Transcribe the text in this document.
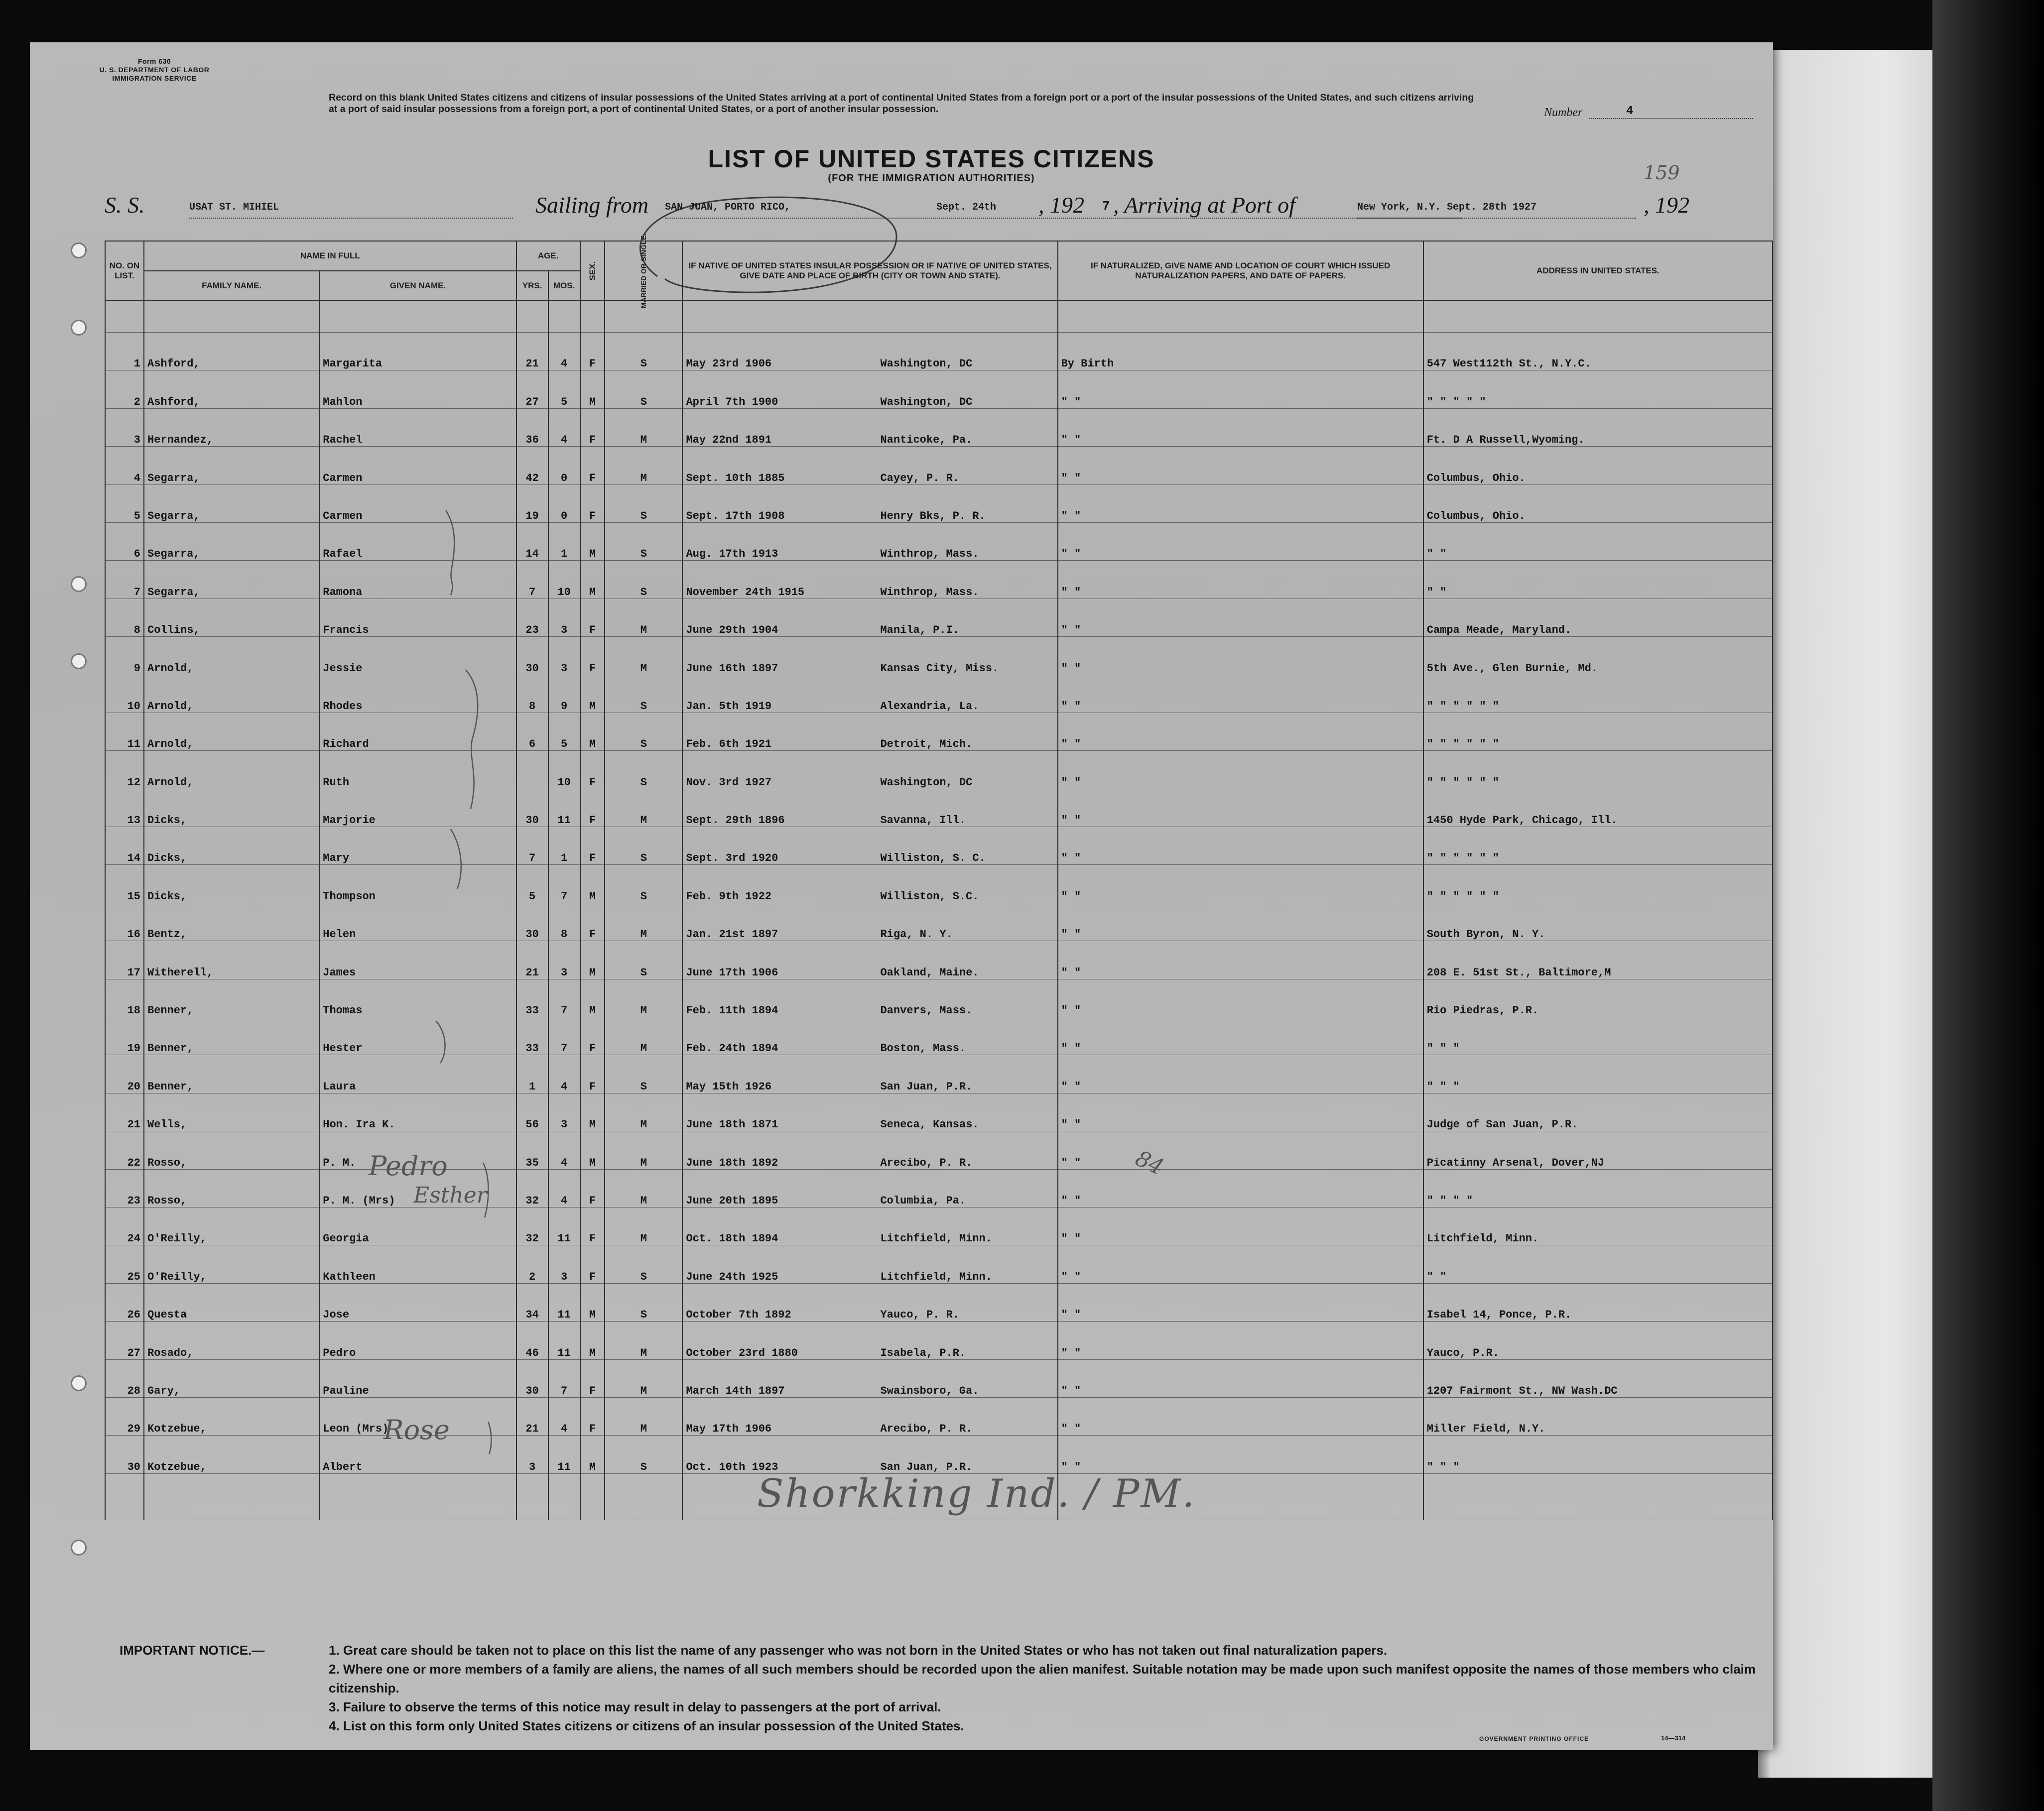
Form 630
U. S. DEPARTMENT OF LABOR
IMMIGRATION SERVICE
Record on this blank United States citizens and citizens of insular possessions of the United States arriving at a port of continental United States from a foreign port or a port of the insular possessions of the United States, and such citizens arriving at a port of said insular possessions from a foreign port, a port of continental United States, or a port of another insular possession.	Number	4
LIST OF UNITED STATES CITIZENS
(FOR THE IMMIGRATION AUTHORITIES)	159
S. S.	USAT ST. MIHIEL	Sailing from SAN JUAN, PORTO RICO,	Sept. 24th , 192 7 , Arriving at Port of	New York, N.Y. Sept. 28th 1927	, 192
NO. ON LIST.	NAME IN FULL		AGE.		SEX.	MARRIED OR SINGLE.	IF NATIVE OF UNITED STATES INSULAR POSSESSION OR IF NATIVE OF UNITED STATES, GIVE DATE AND PLACE OF BIRTH (CITY OR TOWN AND STATE).	IF NATURALIZED, GIVE NAME AND LOCATION OF COURT WHICH ISSUED NATURALIZATION PAPERS, AND DATE OF PAPERS.	ADDRESS IN UNITED STATES.
	FAMILY NAME.	GIVEN NAME.	YRS.	MOS.					

1	Ashford,	Margarita	21	4	F	S	May 23rd 1906 Washington, DC	By Birth	547 West112th St., N.Y.C.
2	Ashford,	Mahlon	27	5	M	S	April 7th 1900 Washington, DC	" "	" " " " "
3	Hernandez,	Rachel	36	4	F	M	May 22nd 1891 Nanticoke, Pa.	" "	Ft. D A Russell,Wyoming.
4	Segarra,	Carmen	42	0	F	M	Sept. 10th 1885 Cayey, P. R.	" "	Columbus, Ohio.
5	Segarra,	Carmen	19	0	F	S	Sept. 17th 1908 Henry Bks, P. R.	" "	Columbus, Ohio.
6	Segarra,	Rafael	14	1	M	S	Aug. 17th 1913 Winthrop, Mass.	" "	" "
7	Segarra,	Ramona	7	10	M	S	November 24th 1915 Winthrop, Mass.	" "	" "
8	Collins,	Francis	23	3	F	M	June 29th 1904 Manila, P.I.	" "	Campa Meade, Maryland.
9	Arnold,	Jessie	30	3	F	M	June 16th 1897 Kansas City, Miss.	" "	5th Ave., Glen Burnie, Md.
10	Arnold,	Rhodes	8	9	M	S	Jan. 5th 1919 Alexandria, La.	" "	" " " " " "
11	Arnold,	Richard	6	5	M	S	Feb. 6th 1921 Detroit, Mich.	" "	" " " " " "
12	Arnold,	Ruth		10	F	S	Nov. 3rd 1927 Washington, DC	" "	" " " " " "
13	Dicks,	Marjorie	30	11	F	M	Sept. 29th 1896 Savanna, Ill.	" "	1450 Hyde Park, Chicago, Ill.
14	Dicks,	Mary	7	1	F	S	Sept. 3rd 1920 Williston, S. C.	" "	" " " " " "
15	Dicks,	Thompson	5	7	M	S	Feb. 9th 1922 Williston, S.C.	" "	" " " " " "
16	Bentz,	Helen	30	8	F	M	Jan. 21st 1897 Riga, N. Y.	" "	South Byron, N. Y.
17	Witherell,	James	21	3	M	S	June 17th 1906 Oakland, Maine.	" "	208 E. 51st St., Baltimore,M
18	Benner,	Thomas	33	7	M	M	Feb. 11th 1894 Danvers, Mass.	" "	Rio Piedras, P.R.
19	Benner,	Hester	33	7	F	M	Feb. 24th 1894 Boston, Mass.	" "	" " "
20	Benner,	Laura	1	4	F	S	May 15th 1926 San Juan, P.R.	" "	" " "
21	Wells,	Hon. Ira K.	56	3	M	M	June 18th 1871 Seneca, Kansas.	" "	Judge of San Juan, P.R.
22	Rosso,	P. M.	35	4	M	M	June 18th 1892 Arecibo, P. R.	" "	Picatinny Arsenal, Dover,NJ
23	Rosso,	P. M. (Mrs)	32	4	F	M	June 20th 1895 Columbia, Pa.	" "	" " " "
24	O'Reilly,	Georgia	32	11	F	M	Oct. 18th 1894 Litchfield, Minn.	" "	Litchfield, Minn.
25	O'Reilly,	Kathleen	2	3	F	S	June 24th 1925 Litchfield, Minn.	" "	" "
26	Questa	Jose	34	11	M	S	October 7th 1892 Yauco, P. R.	" "	Isabel 14, Ponce, P.R.
27	Rosado,	Pedro	46	11	M	M	October 23rd 1880 Isabela, P.R.	" "	Yauco, P.R.
28	Gary,	Pauline	30	7	F	M	March 14th 1897 Swainsboro, Ga.	" "	1207 Fairmont St., NW Wash.DC
29	Kotzebue,	Leon (Mrs)	21	4	F	M	May 17th 1906 Arecibo, P. R.	" "	Miller Field, N.Y.
30	Kotzebue,	Albert	3	11	M	S	Oct. 10th 1923 San Juan, P.R.	" "	" " "

Pedro
Esther
Rose
84
Shorkking Ind. / PM.
IMPORTANT NOTICE.—	1. Great care should be taken not to place on this list the name of any passenger who was not born in the United States or who has not taken out final naturalization papers.
2. Where one or more members of a family are aliens, the names of all such members should be recorded upon the alien manifest. Suitable notation may be made upon such manifest opposite the names of those members who claim citizenship.
3. Failure to observe the terms of this notice may result in delay to passengers at the port of arrival.
4. List on this form only United States citizens or citizens of an insular possession of the United States.
GOVERNMENT PRINTING OFFICE	14—314
